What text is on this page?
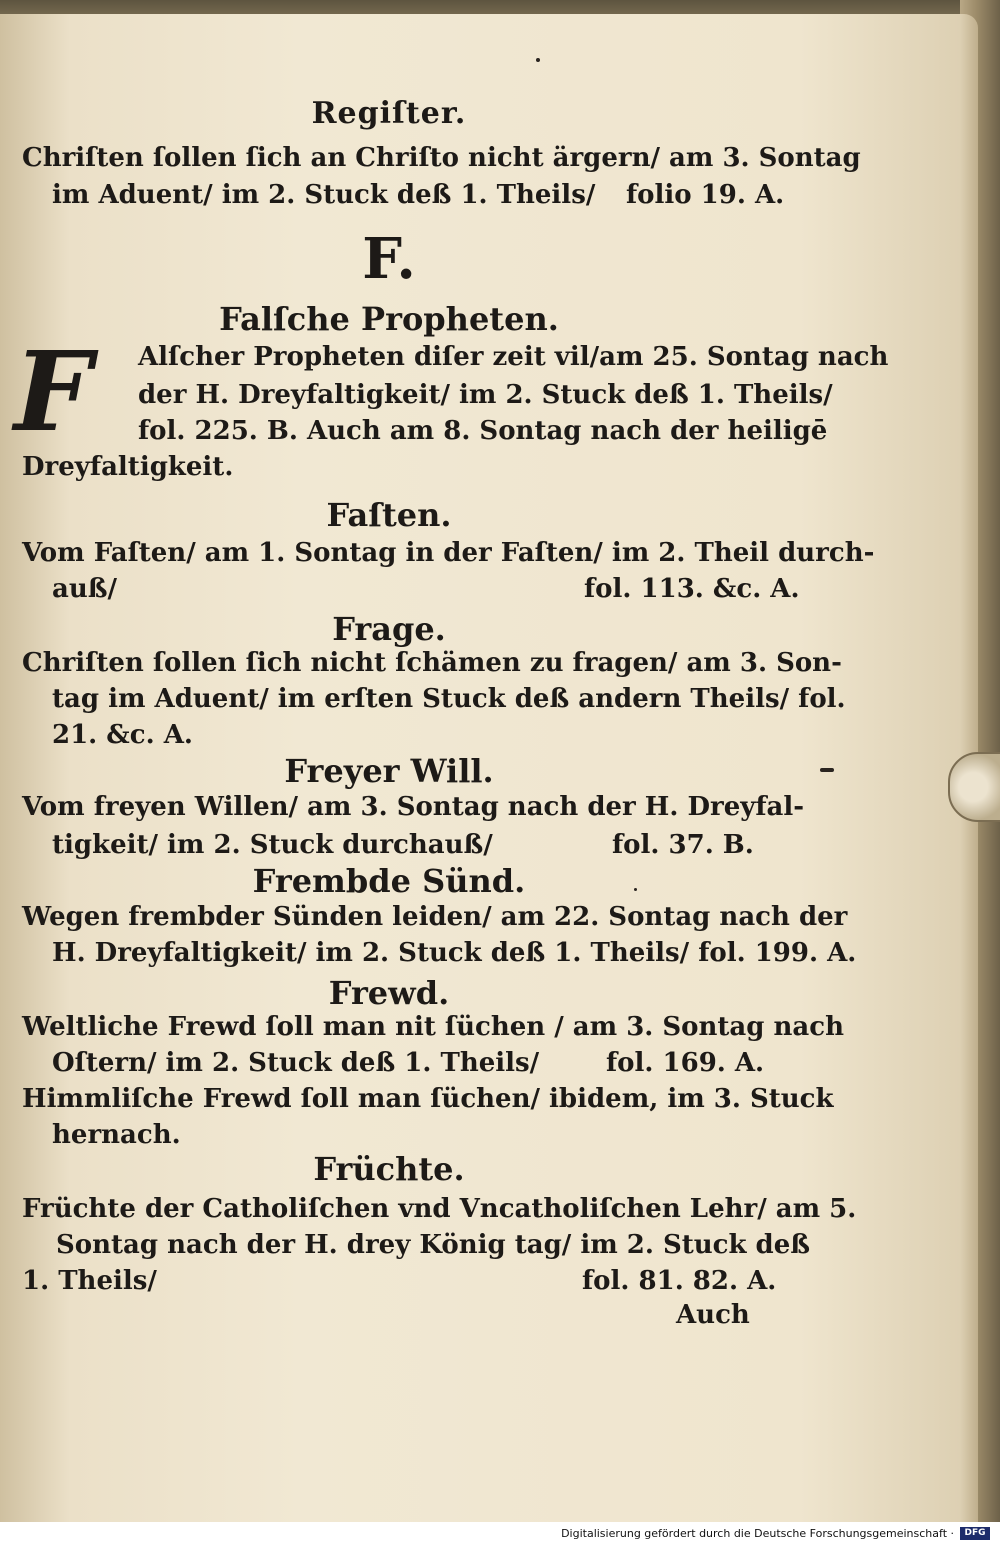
Regiſter.
Chriſten ſollen ſich an Chriſto nicht ärgern/ am 3. Sontag
im Aduent/ im 2. Stuck deß 1. Theils/ folio 19. A.
F.
Falſche Propheten.
F	Alſcher Propheten diſer zeit vil/am 25. Sontag nach
der H. Dreyfaltigkeit/ im 2. Stuck deß 1. Theils/
fol. 225. B. Auch am 8. Sontag nach der heiligē
Dreyfaltigkeit.
Faſten.
Vom Faſten/ am 1. Sontag in der Faſten/ im 2. Theil durch-
auß/	fol. 113. &c. A.
Frage.
Chriſten ſollen ſich nicht ſchämen zu fragen/ am 3. Son-
tag im Aduent/ im erſten Stuck deß andern Theils/ fol.
21. &c. A.
Freyer Will.
Vom freyen Willen/ am 3. Sontag nach der H. Dreyfal-
tigkeit/ im 2. Stuck durchauß/	fol. 37. B.
Frembde Sünd.
Wegen frembder Sünden leiden/ am 22. Sontag nach der
H. Dreyfaltigkeit/ im 2. Stuck deß 1. Theils/ fol. 199. A.
Frewd.
Weltliche Frewd ſoll man nit ſüchen / am 3. Sontag nach
Oſtern/ im 2. Stuck deß 1. Theils/	fol. 169. A.
Himmliſche Frewd ſoll man ſüchen/ ibidem, im 3. Stuck
hernach.
Früchte.
Früchte der Catholiſchen vnd Vncatholiſchen Lehr/ am 5.
Sontag nach der H. drey König tag/ im 2. Stuck deß
1. Theils/	fol. 81. 82. A.
Auch
Digitalisierung gefördert durch die Deutsche Forschungsgemeinschaft ·	DFG
